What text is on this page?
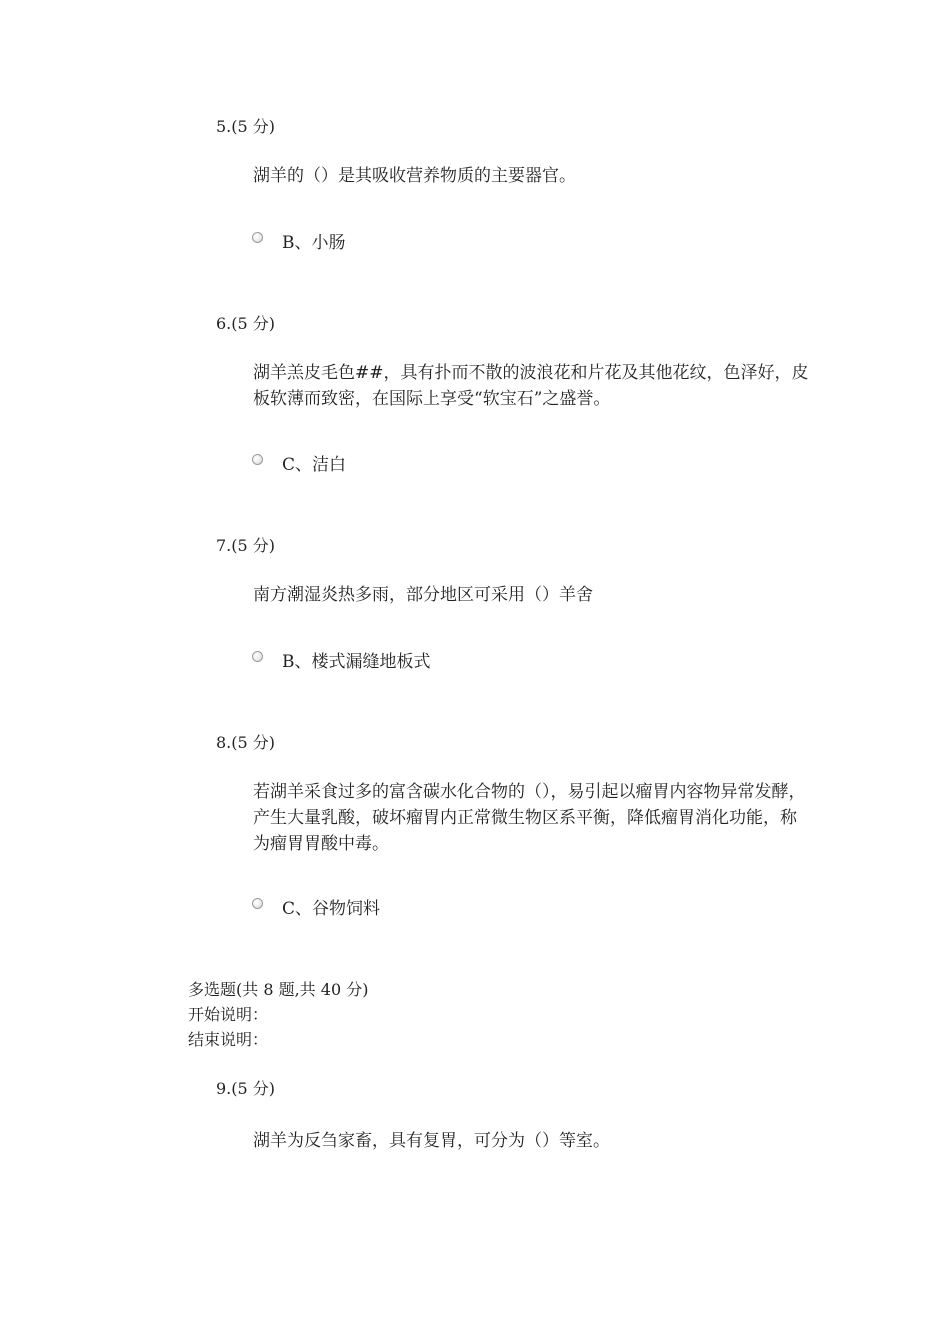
5.(5 分)
湖羊的（）是其吸收营养物质的主要器官。
B、小肠
6.(5 分)
湖羊羔皮毛色##，具有扑而不散的波浪花和片花及其他花纹，色泽好，皮板软薄而致密，在国际上享受“软宝石”之盛誉。
C、洁白
7.(5 分)
南方潮湿炎热多雨，部分地区可采用（）羊舍
B、楼式漏缝地板式
8.(5 分)
若湖羊采食过多的富含碳水化合物的（），易引起以瘤胃内容物异常发酵，产生大量乳酸，破坏瘤胃内正常微生物区系平衡，降低瘤胃消化功能，称为瘤胃胃酸中毒。
C、谷物饲料
多选题(共 8 题,共 40 分)
开始说明：
结束说明：
9.(5 分)
湖羊为反刍家畜，具有复胃，可分为（）等室。
